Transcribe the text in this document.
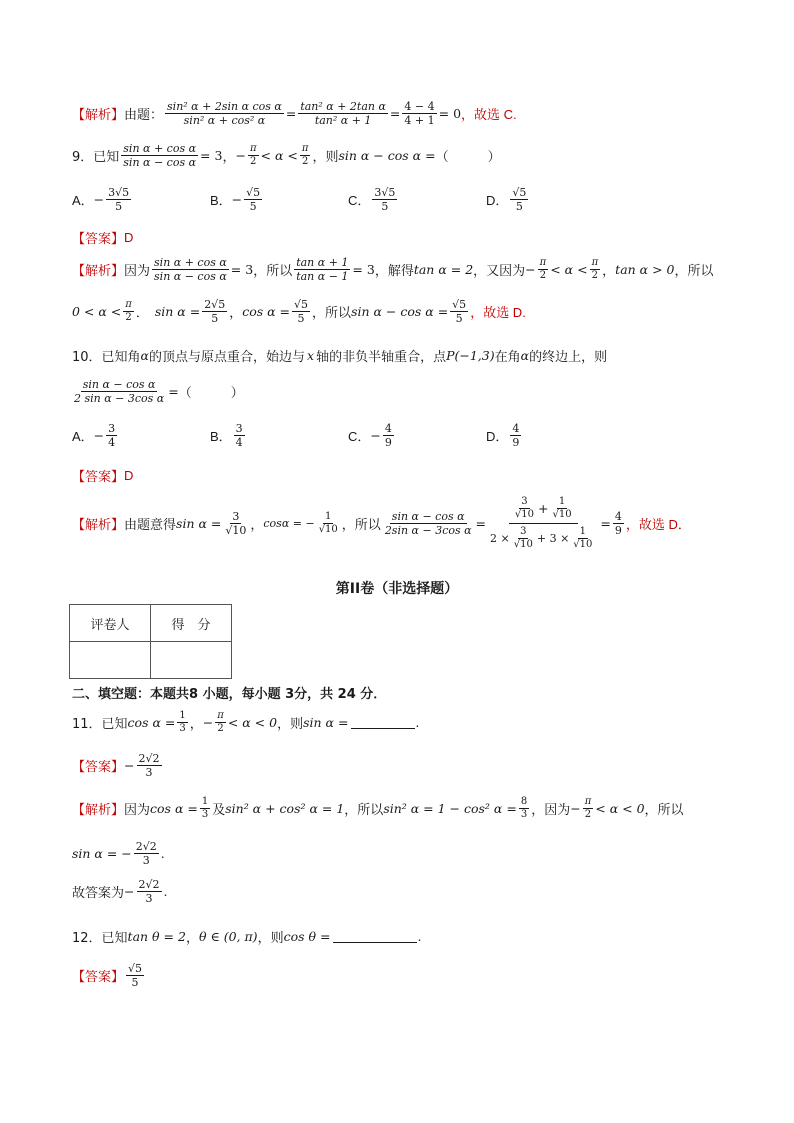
【解析】 由题： $\frac{\text{sin² α + 2sin α cos α}}{\text{sin² α + cos² α}} = \frac{\text{tan² α + 2tan α}}{\text{tan² α + 1}} = \frac{4 - 4}{4 + 1} = 0$ ，故选 C.
9．已知 $\frac{\text{sin α + cos α}}{\text{sin α − cos α}} = 3$ ， − $\frac{\pi}{2} < \alpha < \frac{\pi}{2}$ ，则 sin α − cos α = （　　　）
A． − $\frac{3√5}{5}$	B． − $\frac{√5}{5}$	C． $\frac{3√5}{5}$	D． $\frac{√5}{5}$
【答案】 D
【解析】 因为 $\frac{\text{sin α + cos α}}{\text{sin α − cos α}} = 3$ ，所以 $\frac{\text{tan α + 1}}{\text{tan α − 1}} = 3$ ，解得 tan α = 2 ，又因为 − $\frac{\pi}{2} < \alpha < \frac{\pi}{2}$ ， tan α > 0 ，所以
$0 < \alpha < \frac{\pi}{2}$ ． $\sin \alpha = \frac{2√5}{5}$ ， $\cos \alpha = \frac{√5}{5}$ ，所以 $\sin \alpha - \cos \alpha = \frac{√5}{5}$ ，故选 D.
10．已知角 α 的顶点与原点重合，始边与 x 轴的非负半轴重合，点 P(−1,3) 在角 α 的终边上，则
$\frac{\text{sin α − cos α}}{\text{2 sin α − 3cos α}}$ = （　　　）
A． − $\frac{3}{4}$	B． $\frac{3}{4}$	C． − $\frac{4}{9}$	D． $\frac{4}{9}$
【答案】 D
【解析】 由题意得 $\sin \alpha = \frac{3}{√10}$ ， cosα = − $\frac{1}{√10}$ ，所以 $\frac{\text{sin α − cos α}}{\text{2sin α − 3cos α}} = \frac{\frac{3}{√10} + \frac{1}{√10}}{2 \times \frac{3}{√10} + 3 \times \frac{1}{√10}} = \frac{4}{9}$ ，故选 D．
第II卷（非选择题）
评卷人	得　分

二、填空题：本题共8 小题，每小题 3分，共 24 分．
11．已知 $\cos \alpha = \frac{1}{3}$ ， − $\frac{\pi}{2} < \alpha < 0$ ，则 sin α =	.
【答案】 − $\frac{2√2}{3}$
【解析】 因为 $\cos \alpha = \frac{1}{3}$ 及 sin² α + cos² α = 1 ，所以 sin² α = 1 − cos² $\alpha = \frac{8}{3}$ ，因为 − $\frac{\pi}{2} < \alpha < 0$ ，所以
sin α = − $\frac{2√2}{3}$ .
故答案为 − $\frac{2√2}{3}$ .
12．已知 tan θ = 2 ， θ ∈ (0, π) ，则 cos θ =	.
【答案】 $\frac{√5}{5}$
